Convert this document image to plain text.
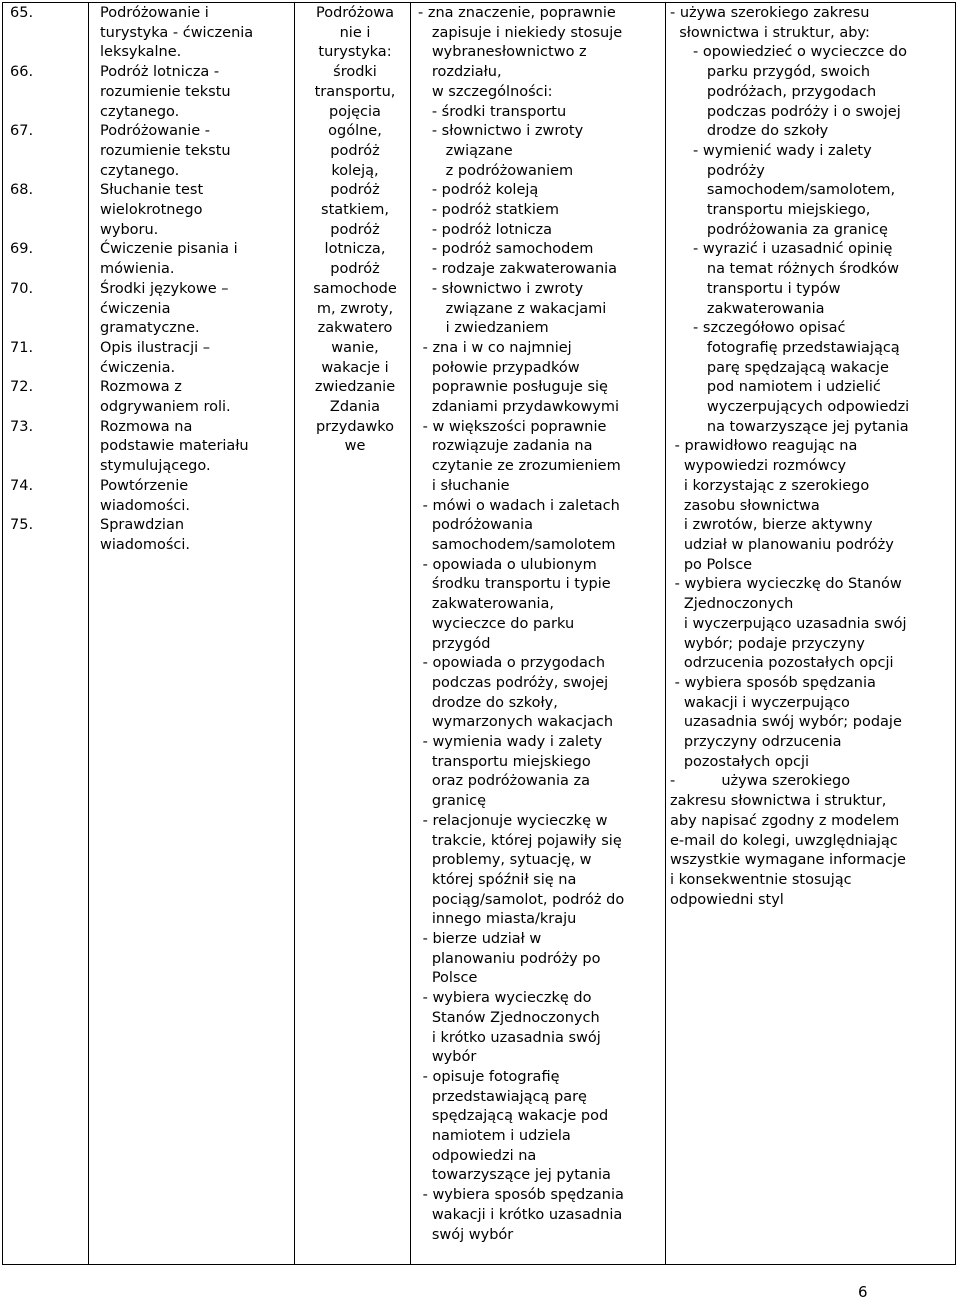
65.
66.
67.
68.
69.
70.
71.
72.
73.
74.
75.
Podróżowanie i
turystyka - ćwiczenia
leksykalne.
Podróż lotnicza -
rozumienie tekstu
czytanego.
Podróżowanie -
rozumienie tekstu
czytanego.
Słuchanie test
wielokrotnego
wyboru.
Ćwiczenie pisania i
mówienia.
Środki językowe –
ćwiczenia
gramatyczne.
Opis ilustracji –
ćwiczenia.
Rozmowa z
odgrywaniem roli.
Rozmowa na
podstawie materiału
stymulującego.
Powtórzenie
wiadomości.
Sprawdzian
wiadomości.
Podróżowa
nie i
turystyka:
środki
transportu,
pojęcia
ogólne,
podróż
koleją,
podróż
statkiem,
podróż
lotnicza,
podróż
samochode
m, zwroty,
zakwatero
wanie,
wakacje i
zwiedzanie
Zdania
przydawko
we
- zna znaczenie, poprawnie
zapisuje i niekiedy stosuje
wybranesłownictwo z
rozdziału,
w szczególności:
- środki transportu
- słownictwo i zwroty
związane
z podróżowaniem
- podróż koleją
- podróż statkiem
- podróż lotnicza
- podróż samochodem
- rodzaje zakwaterowania
- słownictwo i zwroty
związane z wakacjami
i zwiedzaniem
- zna i w co najmniej
połowie przypadków
poprawnie posługuje się
zdaniami przydawkowymi
- w większości poprawnie
rozwiązuje zadania na
czytanie ze zrozumieniem
i słuchanie
- mówi o wadach i zaletach
podróżowania
samochodem/samolotem
- opowiada o ulubionym
środku transportu i typie
zakwaterowania,
wycieczce do parku
przygód
- opowiada o przygodach
podczas podróży, swojej
drodze do szkoły,
wymarzonych wakacjach
- wymienia wady i zalety
transportu miejskiego
oraz podróżowania za
granicę
- relacjonuje wycieczkę w
trakcie, której pojawiły się
problemy, sytuację, w
której spóźnił się na
pociąg/samolot, podróż do
innego miasta/kraju
- bierze udział w
planowaniu podróży po
Polsce
- wybiera wycieczkę do
Stanów Zjednoczonych
i krótko uzasadnia swój
wybór
- opisuje fotografię
przedstawiającą parę
spędzającą wakacje pod
namiotem i udziela
odpowiedzi na
towarzyszące jej pytania
- wybiera sposób spędzania
wakacji i krótko uzasadnia
swój wybór
- używa szerokiego zakresu
słownictwa i struktur, aby:
- opowiedzieć o wycieczce do
parku przygód, swoich
podróżach, przygodach
podczas podróży i o swojej
drodze do szkoły
- wymienić wady i zalety
podróży
samochodem/samolotem,
transportu miejskiego,
podróżowania za granicę
- wyrazić i uzasadnić opinię
na temat różnych środków
transportu i typów
zakwaterowania
- szczegółowo opisać
fotografię przedstawiającą
parę spędzającą wakacje
pod namiotem i udzielić
wyczerpujących odpowiedzi
na towarzyszące jej pytania
- prawidłowo reagując na
wypowiedzi rozmówcy
i korzystając z szerokiego
zasobu słownictwa
i zwrotów, bierze aktywny
udział w planowaniu podróży
po Polsce
- wybiera wycieczkę do Stanów
Zjednoczonych
i wyczerpująco uzasadnia swój
wybór; podaje przyczyny
odrzucenia pozostałych opcji
- wybiera sposób spędzania
wakacji i wyczerpująco
uzasadnia swój wybór; podaje
przyczyny odrzucenia
pozostałych opcji
-          używa szerokiego
zakresu słownictwa i struktur,
aby napisać zgodny z modelem
e-mail do kolegi, uwzględniając
wszystkie wymagane informacje
i konsekwentnie stosując
odpowiedni styl
6
